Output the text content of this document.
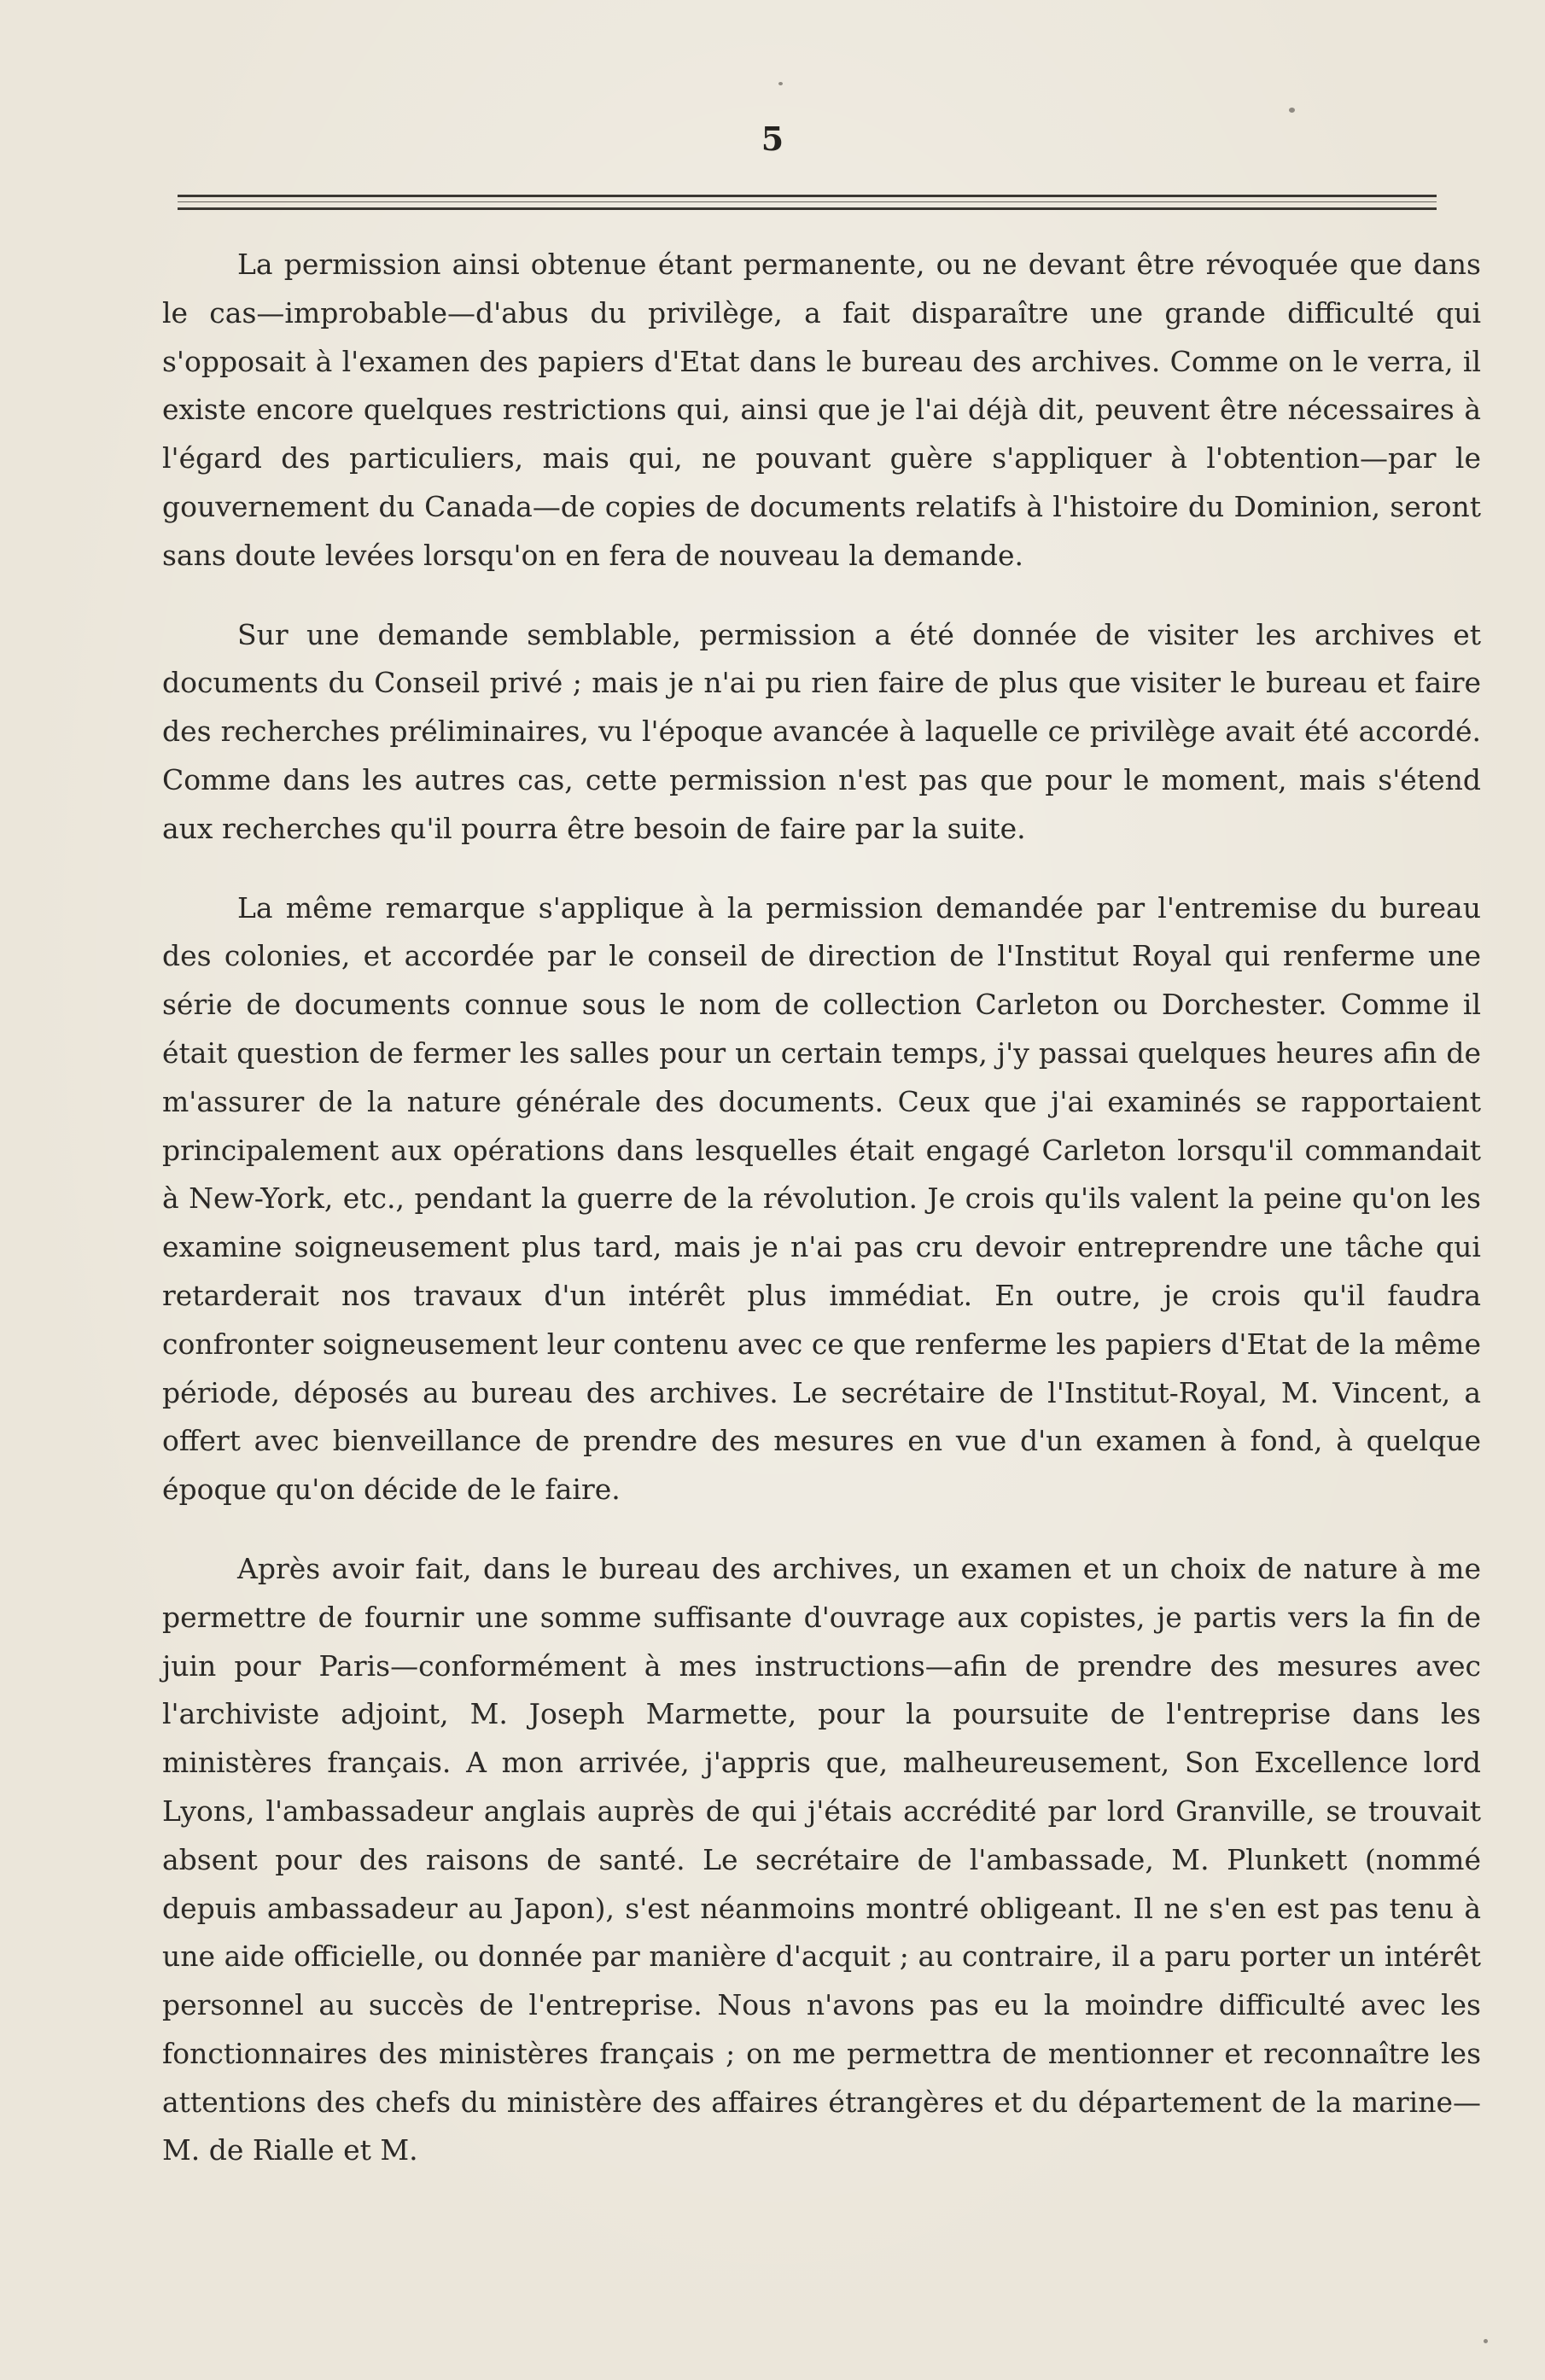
5

La permission ainsi obtenue étant permanente, ou ne devant être révoquée que dans le cas—improbable—d'abus du privilège, a fait disparaître une grande difficulté qui s'opposait à l'examen des papiers d'Etat dans le bureau des archives. Comme on le verra, il existe encore quelques restrictions qui, ainsi que je l'ai déjà dit, peuvent être nécessaires à l'égard des particuliers, mais qui, ne pouvant guère s'appliquer à l'obtention—par le gouvernement du Canada—de copies de documents relatifs à l'histoire du Dominion, seront sans doute levées lorsqu'on en fera de nouveau la demande.

Sur une demande semblable, permission a été donnée de visiter les archives et documents du Conseil privé ; mais je n'ai pu rien faire de plus que visiter le bureau et faire des recherches préliminaires, vu l'époque avancée à laquelle ce privilège avait été accordé. Comme dans les autres cas, cette permission n'est pas que pour le moment, mais s'étend aux recherches qu'il pourra être besoin de faire par la suite.

La même remarque s'applique à la permission demandée par l'entremise du bureau des colonies, et accordée par le conseil de direction de l'Institut Royal qui renferme une série de documents connue sous le nom de collection Carleton ou Dorchester. Comme il était question de fermer les salles pour un certain temps, j'y passai quelques heures afin de m'assurer de la nature générale des documents. Ceux que j'ai examinés se rapportaient principalement aux opérations dans lesquelles était engagé Carleton lorsqu'il commandait à New-York, etc., pendant la guerre de la révolution. Je crois qu'ils valent la peine qu'on les examine soigneusement plus tard, mais je n'ai pas cru devoir entreprendre une tâche qui retarderait nos travaux d'un intérêt plus immédiat. En outre, je crois qu'il faudra confronter soigneusement leur contenu avec ce que renferme les papiers d'Etat de la même période, déposés au bureau des archives. Le secrétaire de l'Institut-Royal, M. Vincent, a offert avec bienveillance de prendre des mesures en vue d'un examen à fond, à quelque époque qu'on décide de le faire.

Après avoir fait, dans le bureau des archives, un examen et un choix de nature à me permettre de fournir une somme suffisante d'ouvrage aux copistes, je partis vers la fin de juin pour Paris—conformément à mes instructions—afin de prendre des mesures avec l'archiviste adjoint, M. Joseph Marmette, pour la poursuite de l'entreprise dans les ministères français. A mon arrivée, j'appris que, malheureusement, Son Excellence lord Lyons, l'ambassadeur anglais auprès de qui j'étais accrédité par lord Granville, se trouvait absent pour des raisons de santé. Le secrétaire de l'ambassade, M. Plunkett (nommé depuis ambassadeur au Japon), s'est néanmoins montré obligeant. Il ne s'en est pas tenu à une aide officielle, ou donnée par manière d'acquit ; au contraire, il a paru porter un intérêt personnel au succès de l'entreprise. Nous n'avons pas eu la moindre difficulté avec les fonctionnaires des ministères français ; on me permettra de mentionner et reconnaître les attentions des chefs du ministère des affaires étrangères et du département de la marine—M. de Rialle et M.
